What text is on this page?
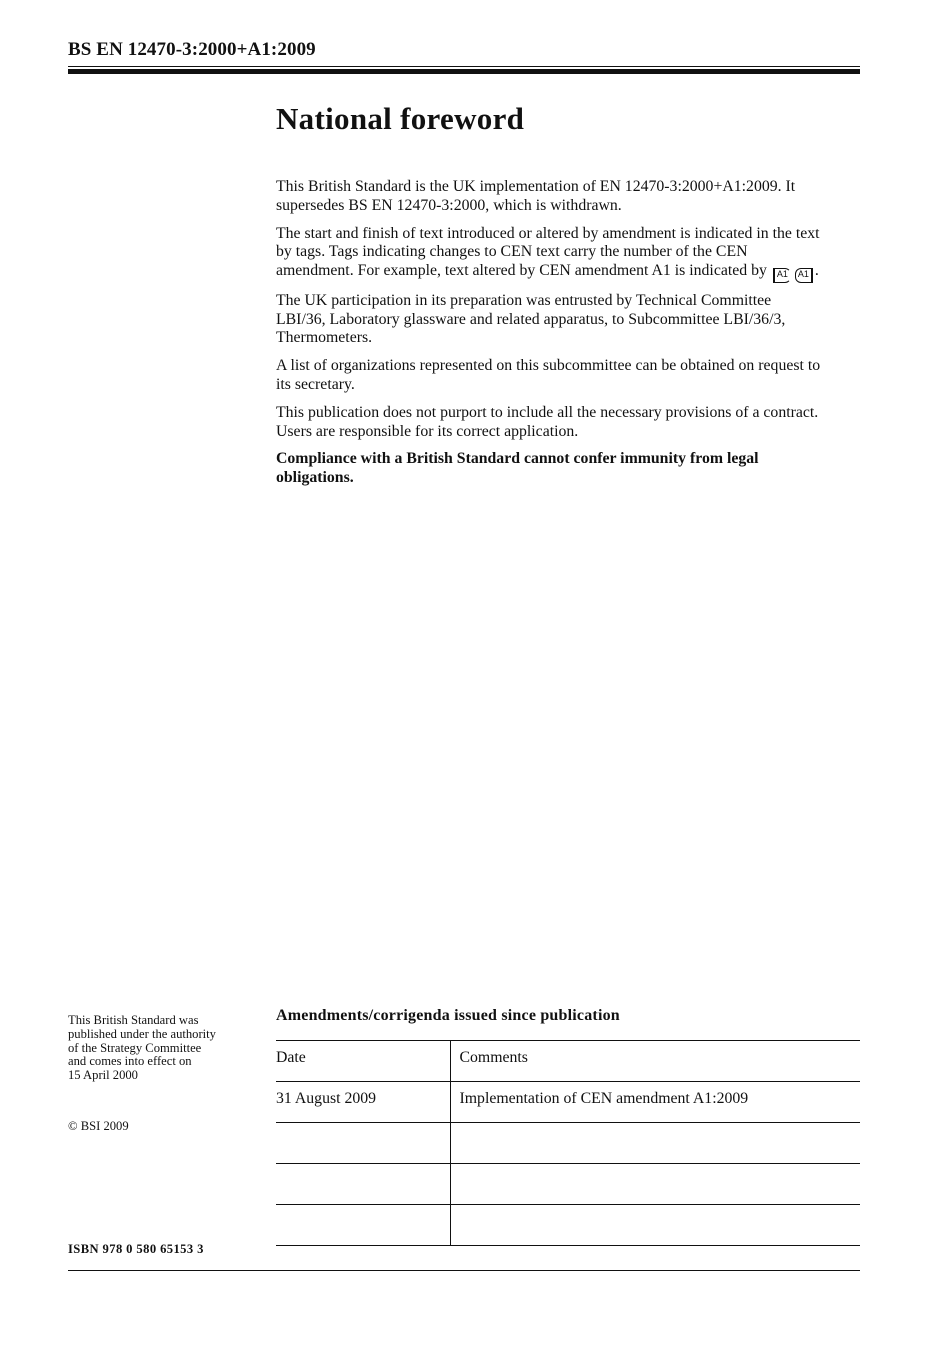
BS EN 12470-3:2000+A1:2009
National foreword

This British Standard is the UK implementation of EN 12470-3:2000+A1:2009. It supersedes BS EN 12470-3:2000, which is withdrawn.

The start and finish of text introduced or altered by amendment is indicated in the text by tags. Tags indicating changes to CEN text carry the number of the CEN amendment. For example, text altered by CEN amendment A1 is indicated by A1 A1 .

The UK participation in its preparation was entrusted by Technical Committee LBI/36, Laboratory glassware and related apparatus, to Subcommittee LBI/36/3, Thermometers.

A list of organizations represented on this subcommittee can be obtained on request to its secretary.

This publication does not purport to include all the necessary provisions of a contract. Users are responsible for its correct application.

Compliance with a British Standard cannot confer immunity from legal obligations.

This British Standard was
published under the authority
of the Strategy Committee
and comes into effect on
15 April 2000
© BSI 2009
ISBN 978 0 580 65153 3
Amendments/corrigenda issued since publication
Date	Comments
31 August 2009	Implementation of CEN amendment A1:2009
